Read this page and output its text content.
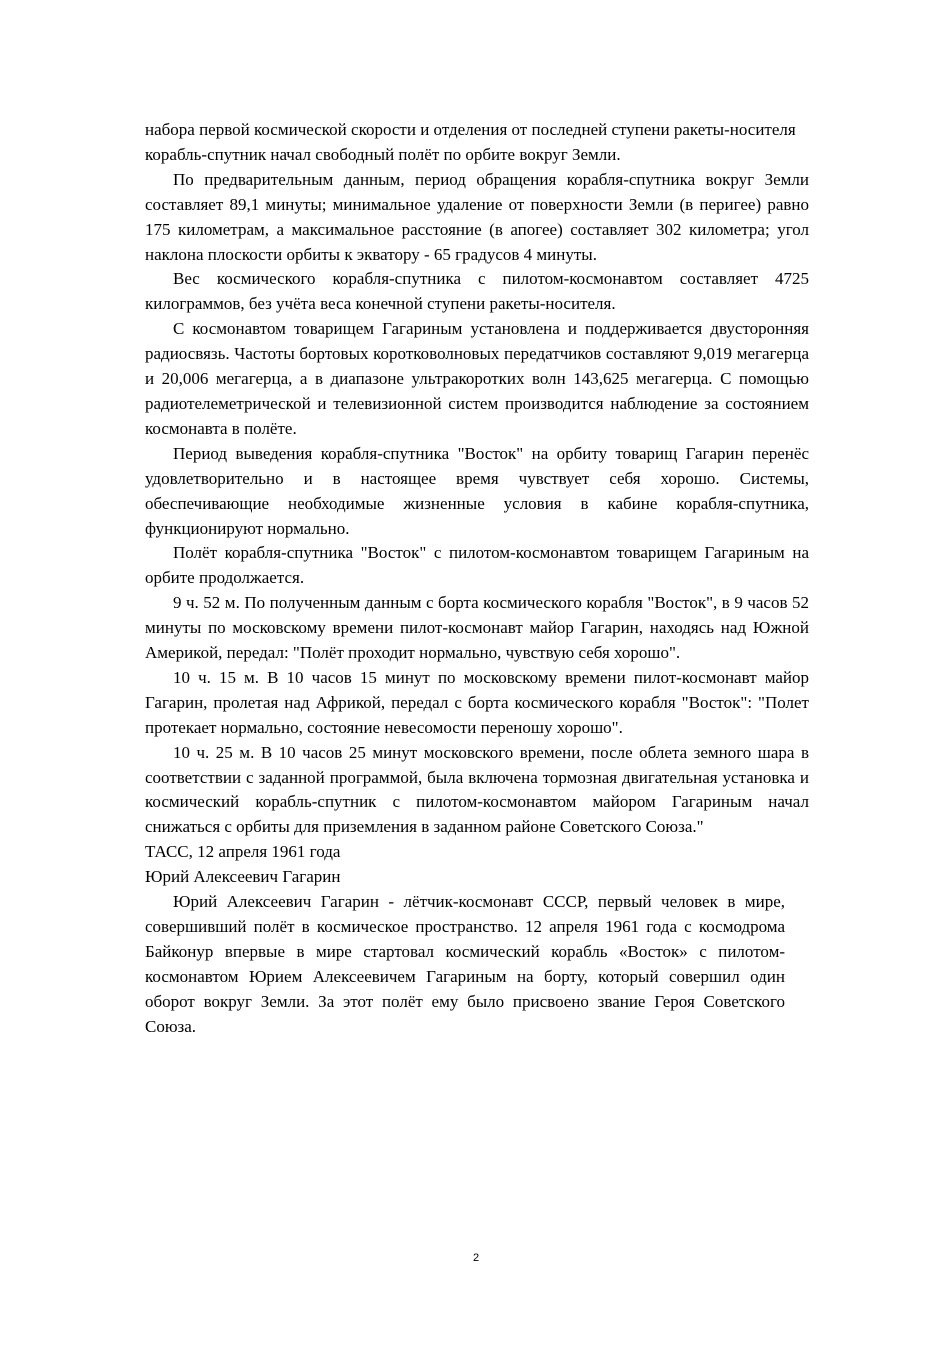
набора первой космической скорости и отделения от последней ступени ракеты-носителя корабль-спутник начал свободный полёт по орбите вокруг Земли.

По предварительным данным, период обращения корабля-спутника вокруг Земли составляет 89,1 минуты; минимальное удаление от поверхности Земли (в перигее) равно 175 километрам, а максимальное расстояние (в апогее) составляет 302 километра; угол наклона плоскости орбиты к экватору - 65 градусов 4 минуты.

Вес космического корабля-спутника с пилотом-космонавтом составляет 4725 килограммов, без учёта веса конечной ступени ракеты-носителя.

С космонавтом товарищем Гагариным установлена и поддерживается двусторонняя радиосвязь. Частоты бортовых коротковолновых передатчиков составляют 9,019 мегагерца и 20,006 мегагерца, а в диапазоне ультракоротких волн 143,625 мегагерца. С помощью радиотелеметрической и телевизионной систем производится наблюдение за состоянием космонавта в полёте.

Период выведения корабля-спутника "Восток" на орбиту товарищ Гагарин перенёс удовлетворительно и в настоящее время чувствует себя хорошо. Системы, обеспечивающие необходимые жизненные условия в кабине корабля-спутника, функционируют нормально.

Полёт корабля-спутника "Восток" с пилотом-космонавтом товарищем Гагариным на орбите продолжается.

9 ч. 52 м. По полученным данным с борта космического корабля "Восток", в 9 часов 52 минуты по московскому времени пилот-космонавт майор Гагарин, находясь над Южной Америкой, передал: "Полёт проходит нормально, чувствую себя хорошо".

10 ч. 15 м. В 10 часов 15 минут по московскому времени пилот-космонавт майор Гагарин, пролетая над Африкой, передал с борта космического корабля "Восток": "Полет протекает нормально, состояние невесомости переношу хорошо".

10 ч. 25 м. В 10 часов 25 минут московского времени, после облета земного шара в соответствии с заданной программой, была включена тормозная двигательная установка и космический корабль-спутник с пилотом-космонавтом майором Гагариным начал снижаться с орбиты для приземления в заданном районе Советского Союза."

ТАСС, 12 апреля 1961 года

Юрий Алексеевич Гагарин

Юрий Алексеевич Гагарин - лётчик-космонавт СССР, первый человек в мире, совершивший полёт в космическое пространство. 12 апреля 1961 года с космодрома Байконур впервые в мире стартовал космический корабль «Восток» с пилотом-космонавтом Юрием Алексеевичем Гагариным на борту, который совершил один оборот вокруг Земли. За этот полёт ему было присвоено звание Героя Советского Союза.

2
